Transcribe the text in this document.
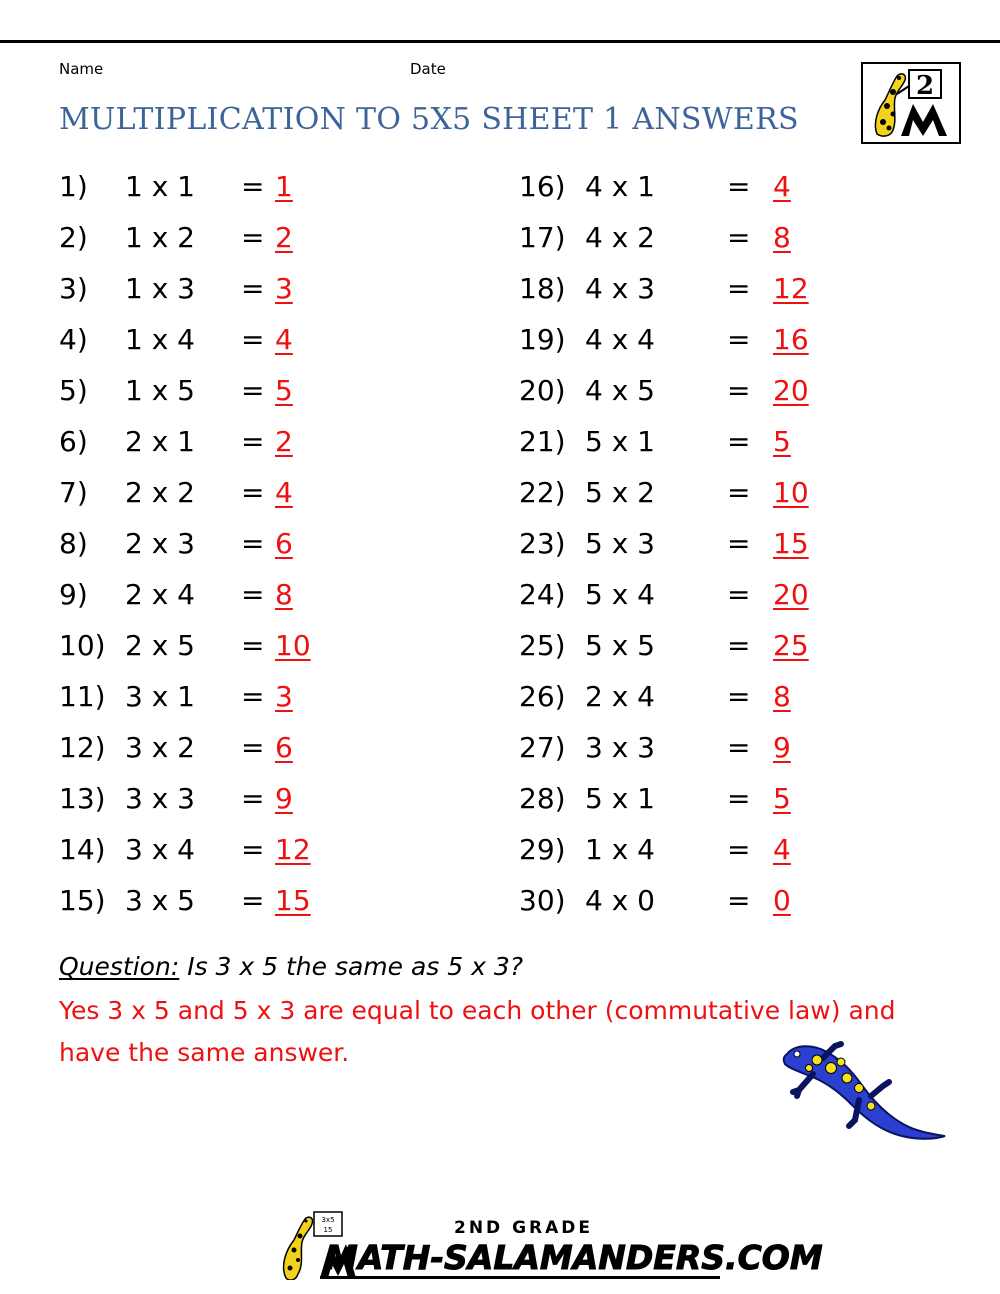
Name	Date
MULTIPLICATION TO 5X5 SHEET 1 ANSWERS
2
1) 1 x 1 = 1
2) 1 x 2 = 2
3) 1 x 3 = 3
4) 1 x 4 = 4
5) 1 x 5 = 5
6) 2 x 1 = 2
7) 2 x 2 = 4
8) 2 x 3 = 6
9) 2 x 4 = 8
10) 2 x 5 = 10
11) 3 x 1 = 3
12) 3 x 2 = 6
13) 3 x 3 = 9
14) 3 x 4 = 12
15) 3 x 5 = 15
16) 4 x 1	= 4
17) 4 x 2	= 8
18) 4 x 3	= 12
19) 4 x 4	= 16
20) 4 x 5	= 20
21) 5 x 1	= 5
22) 5 x 2	= 10
23) 5 x 3	= 15
24) 5 x 4	= 20
25) 5 x 5	= 25
26) 2 x 4	= 8
27) 3 x 3	= 9
28) 5 x 1	= 5
29) 1 x 4	= 4
30) 4 x 0	= 0
Question: Is 3 x 5 the same as 5 x 3?
Yes 3 x 5 and 5 x 3 are equal to each other (commutative law) and have the same answer.
3x5
15	2ND GRADE
MATH-SALAMANDERS.COM
